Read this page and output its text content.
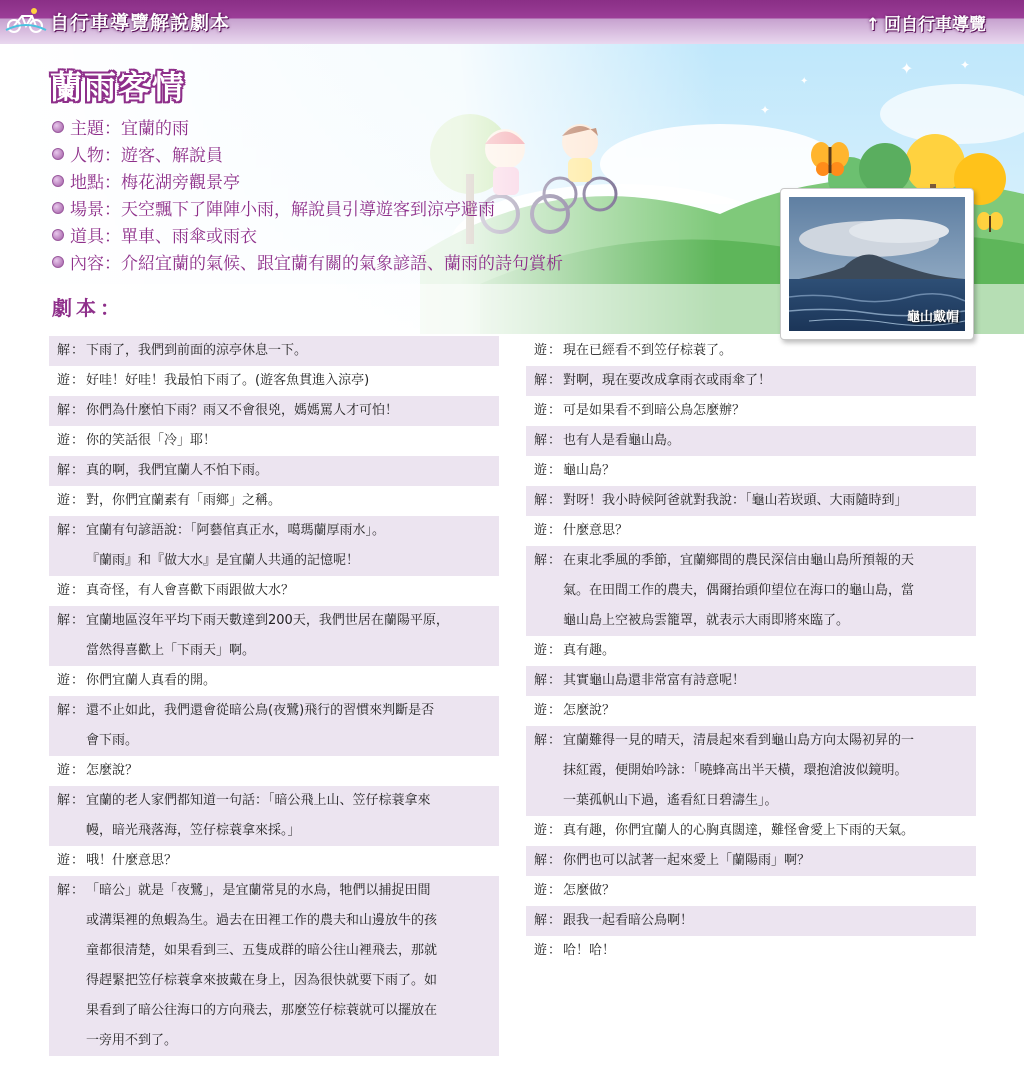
自行車導覽解說劇本	↑ 回自行車導覽
蘭雨客情
主題：宜蘭的雨
人物：遊客、解說員
地點：梅花湖旁觀景亭
場景：天空飄下了陣陣小雨，解說員引導遊客到涼亭避雨
道具：單車、雨傘或雨衣
內容：介紹宜蘭的氣候、跟宜蘭有關的氣象諺語、蘭雨的詩句賞析
劇本：	龜山戴帽
解 ： 下雨了，我們到前面的涼亭休息一下。
遊 ： 好哇！好哇！我最怕下雨了。(遊客魚貫進入涼亭)
解 ： 你們為什麼怕下雨？雨又不會很兇，媽媽罵人才可怕！
遊 ： 你的笑話很「冷」耶！
解 ： 真的啊，我們宜蘭人不怕下雨。
遊 ： 對，你們宜蘭素有「雨鄉」之稱。
解 ： 宜蘭有句諺語說：「阿藝倌真正水，噶瑪蘭厚雨水」。
『蘭雨』和『做大水』是宜蘭人共通的記憶呢！
遊 ： 真奇怪，有人會喜歡下雨跟做大水？
解 ： 宜蘭地區沒年平均下雨天數達到200天，我們世居在蘭陽平原，
當然得喜歡上「下雨天」啊。
遊 ： 你們宜蘭人真看的開。
解 ： 還不止如此，我們還會從暗公鳥(夜鷺)飛行的習慣來判斷是否
會下雨。
遊 ： 怎麼說？
解 ： 宜蘭的老人家們都知道一句話：「暗公飛上山、笠仔棕蓑拿來
幔，暗光飛落海，笠仔棕蓑拿來採。」
遊 ： 哦！什麼意思？
解 ： 「暗公」就是「夜鷺」，是宜蘭常見的水鳥，牠們以捕捉田間
或溝渠裡的魚蝦為生。過去在田裡工作的農夫和山邊放牛的孩
童都很清楚，如果看到三、五隻成群的暗公往山裡飛去，那就
得趕緊把笠仔棕蓑拿來披戴在身上，因為很快就要下雨了。如
果看到了暗公往海口的方向飛去，那麼笠仔棕蓑就可以擺放在
一旁用不到了。
遊 ： 現在已經看不到笠仔棕蓑了。
解 ： 對啊，現在要改成拿雨衣或雨傘了！
遊 ： 可是如果看不到暗公鳥怎麼辦？
解 ： 也有人是看龜山島。
遊 ： 龜山島？
解 ： 對呀！我小時候阿爸就對我說：「龜山若崁頭、大雨隨時到」
遊 ： 什麼意思？
解 ： 在東北季風的季節，宜蘭鄉間的農民深信由龜山島所預報的天
氣。在田間工作的農夫，偶爾抬頭仰望位在海口的龜山島，當
龜山島上空被烏雲籠罩，就表示大雨即將來臨了。
遊 ： 真有趣。
解 ： 其實龜山島還非常富有詩意呢！
遊 ： 怎麼說？
解 ： 宜蘭難得一見的晴天，清晨起來看到龜山島方向太陽初昇的一
抹紅霞，便開始吟詠：「曉蜂高出半天橫，環抱滄波似鏡明。
一葉孤帆山下過，遙看紅日碧濤生」。
遊 ： 真有趣，你們宜蘭人的心胸真闊達，難怪會愛上下雨的天氣。
解 ： 你們也可以試著一起來愛上「蘭陽雨」啊？
遊 ： 怎麼做？
解 ： 跟我一起看暗公鳥啊！
遊 ： 哈！哈！
